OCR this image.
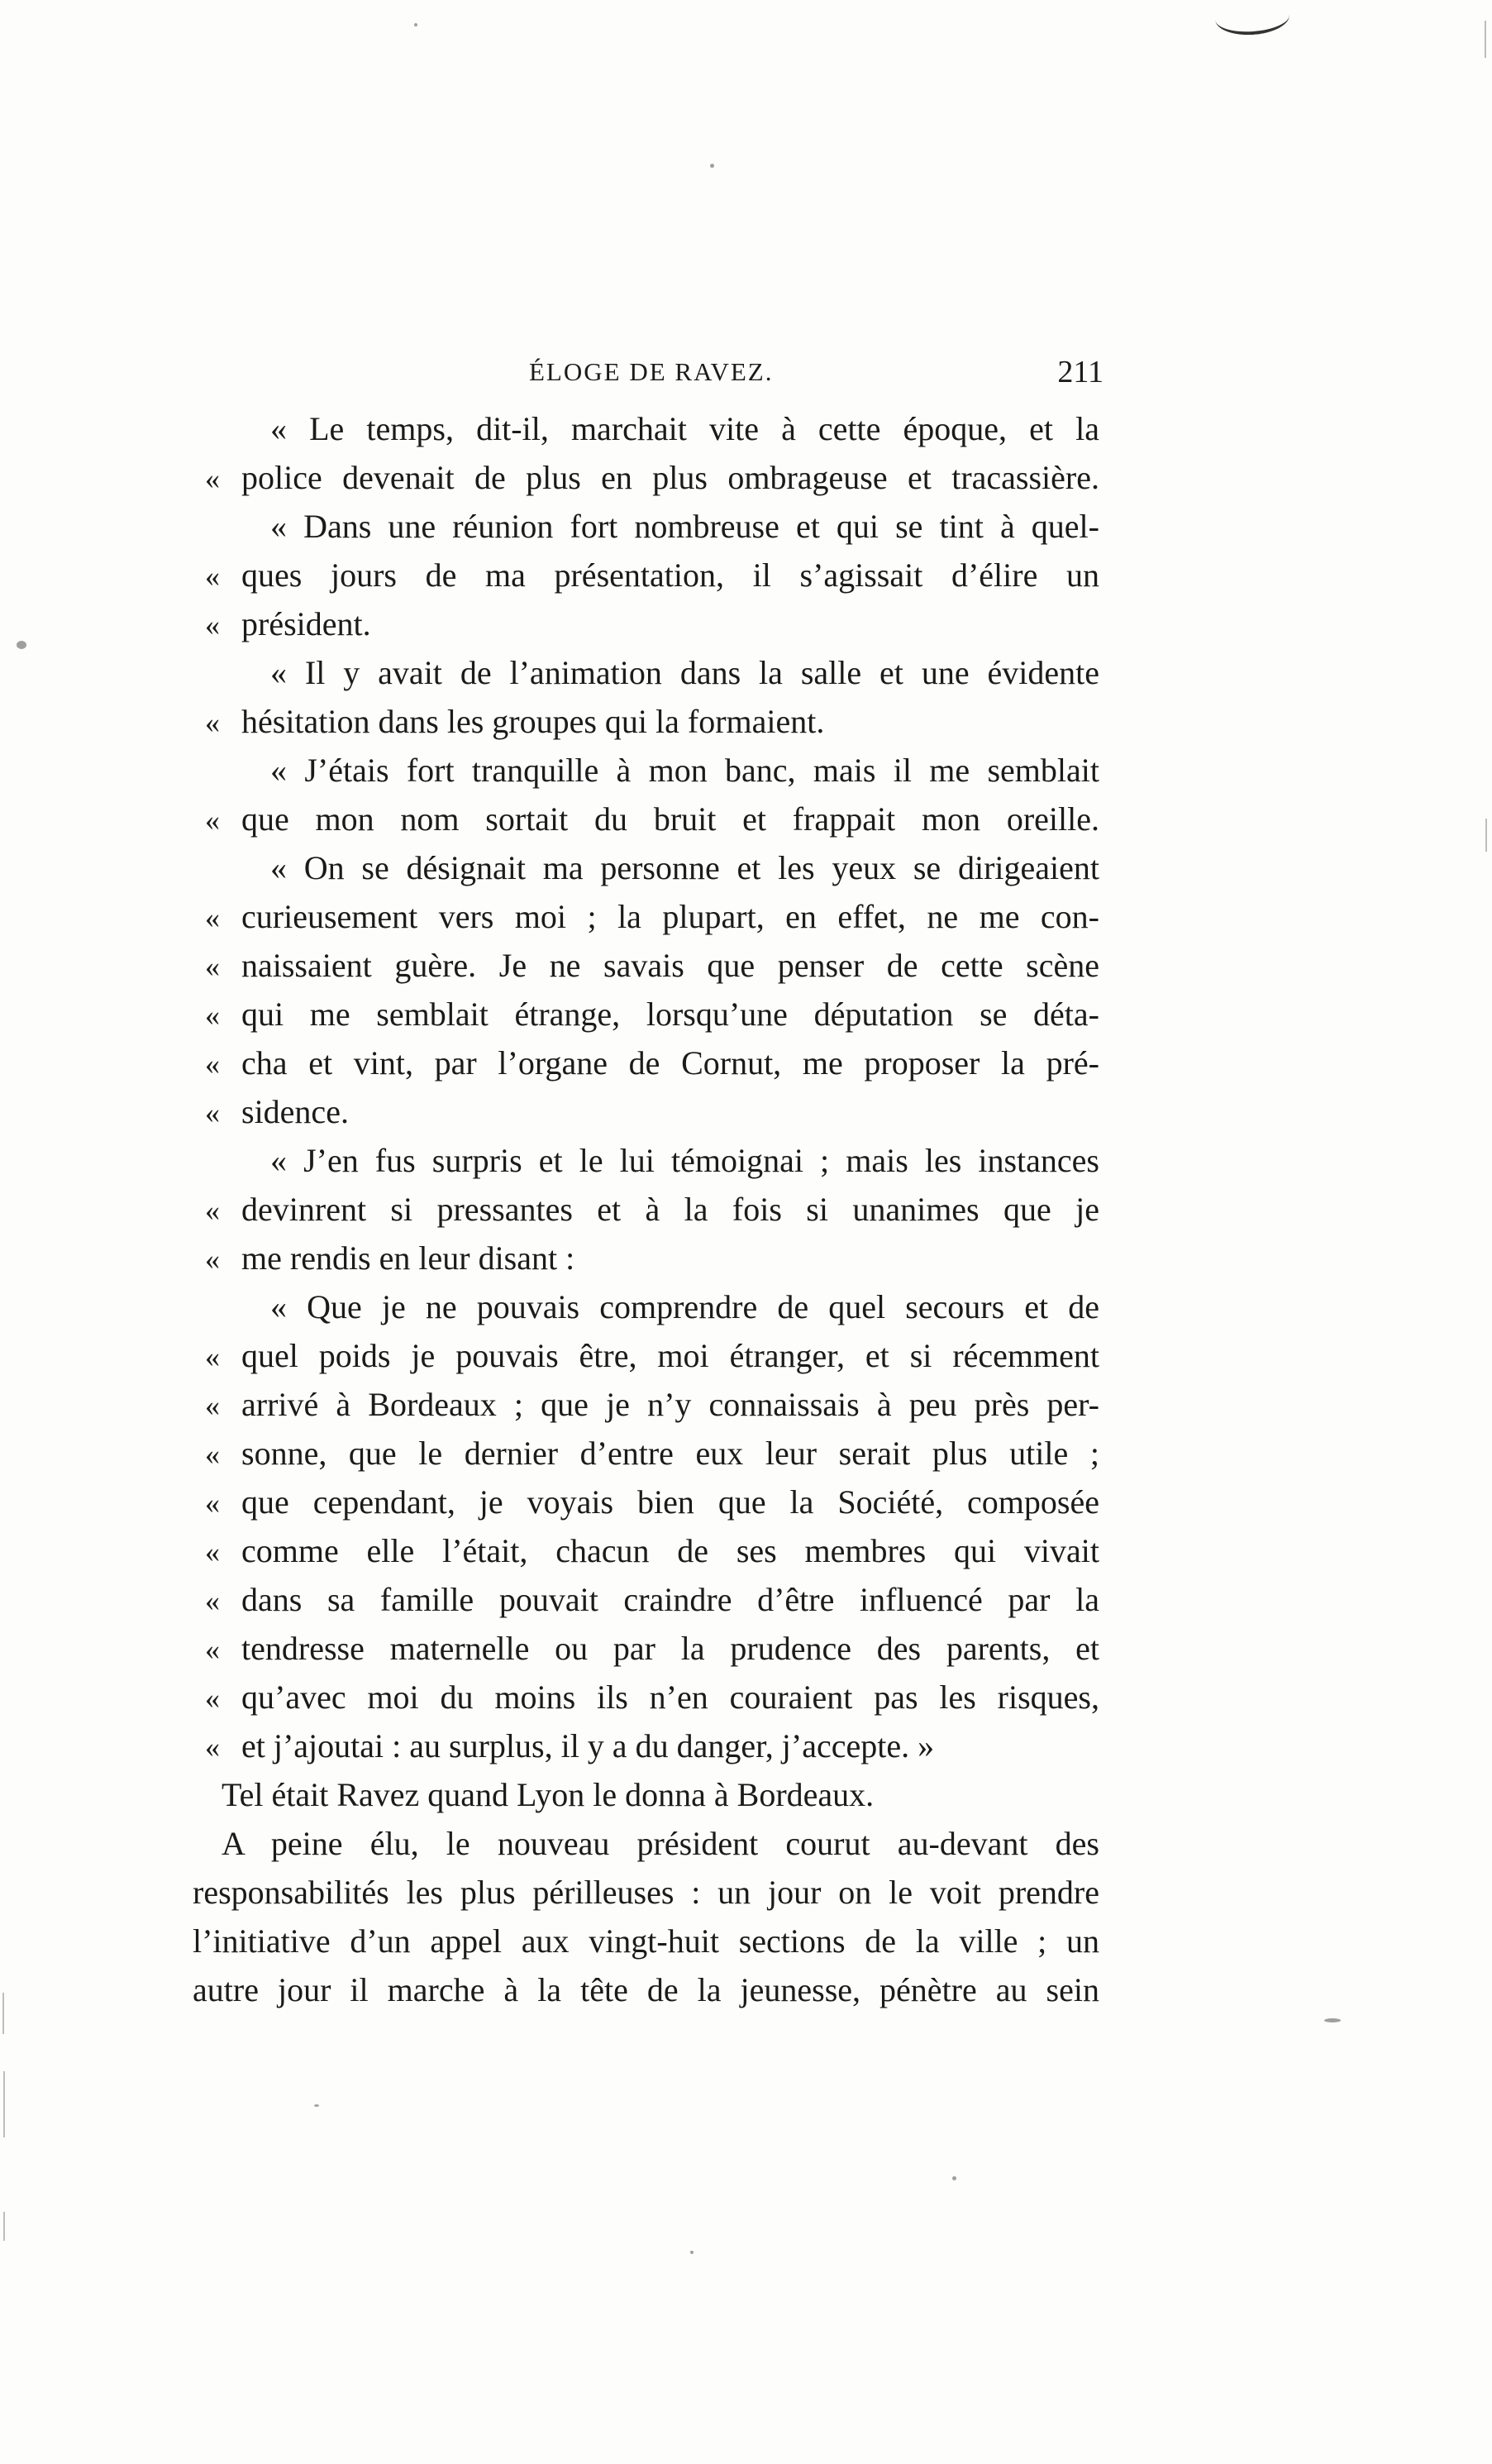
ÉLOGE DE RAVEZ.	211
« Le temps, dit-il, marchait vite à cette époque, et la
« police devenait de plus en plus ombrageuse et tracassière.
« Dans une réunion fort nombreuse et qui se tint à quel-
« ques jours de ma présentation, il s’agissait d’élire un
« président.
« Il y avait de l’animation dans la salle et une évidente
« hésitation dans les groupes qui la formaient.
« J’étais fort tranquille à mon banc, mais il me semblait
« que mon nom sortait du bruit et frappait mon oreille.
« On se désignait ma personne et les yeux se dirigeaient
« curieusement vers moi ; la plupart, en effet, ne me con-
« naissaient guère. Je ne savais que penser de cette scène
« qui me semblait étrange, lorsqu’une députation se déta-
« cha et vint, par l’organe de Cornut, me proposer la pré-
« sidence.
« J’en fus surpris et le lui témoignai ; mais les instances
« devinrent si pressantes et à la fois si unanimes que je
« me rendis en leur disant :
« Que je ne pouvais comprendre de quel secours et de
« quel poids je pouvais être, moi étranger, et si récemment
« arrivé à Bordeaux ; que je n’y connaissais à peu près per-
« sonne, que le dernier d’entre eux leur serait plus utile ;
« que cependant, je voyais bien que la Société, composée
« comme elle l’était, chacun de ses membres qui vivait
« dans sa famille pouvait craindre d’être influencé par la
« tendresse maternelle ou par la prudence des parents, et
« qu’avec moi du moins ils n’en couraient pas les risques,
« et j’ajoutai : au surplus, il y a du danger, j’accepte. »
Tel était Ravez quand Lyon le donna à Bordeaux.
A peine élu, le nouveau président courut au-devant des
responsabilités les plus périlleuses : un jour on le voit prendre
l’initiative d’un appel aux vingt-huit sections de la ville ; un
autre jour il marche à la tête de la jeunesse, pénètre au sein
